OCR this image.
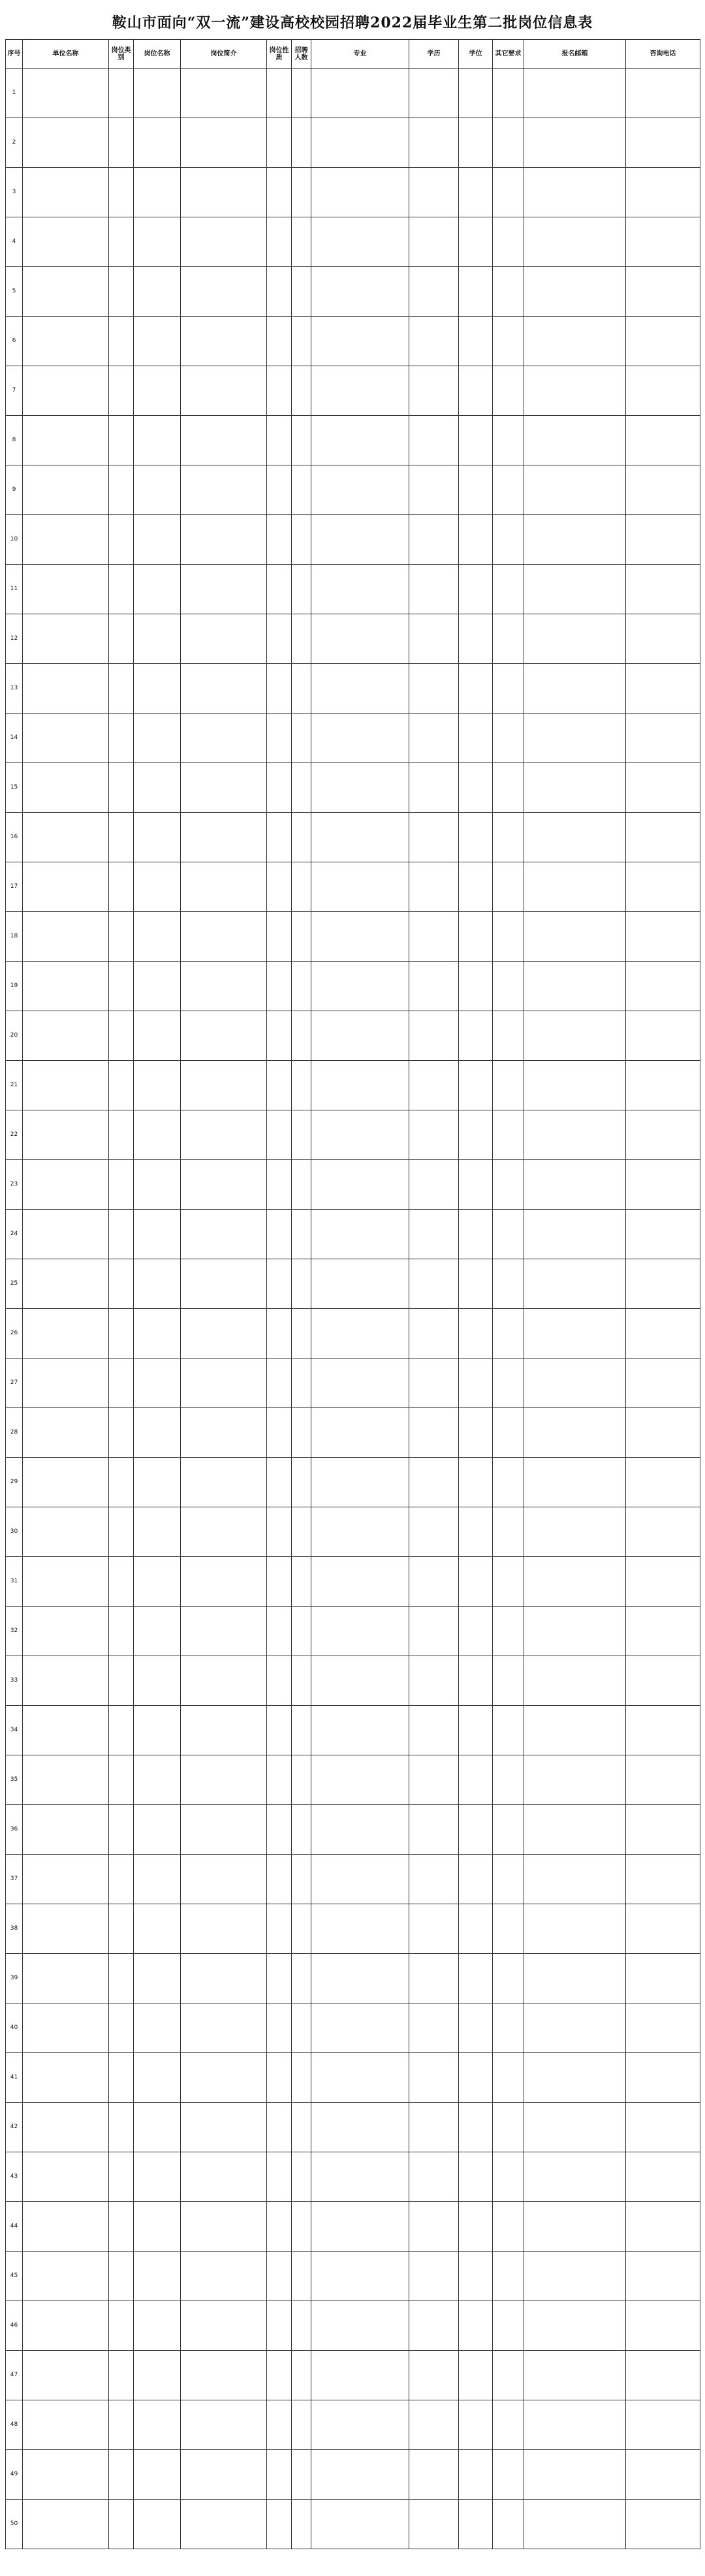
鞍山市面向“双一流”建设高校校园招聘2022届毕业生第二批岗位信息表
序号	单位名称	岗位类别	岗位名称	岗位简介	岗位性质	招聘人数	专业	学历	学位	其它要求	报名邮箱	咨询电话
1												
2												
3												
4												
5												
6												
7												
8												
9												
10												
11												
12												
13												
14												
15												
16												
17												
18												
19												
20												
21												
22												
23												
24												
25												
26												
27												
28												
29												
30												
31												
32												
33												
34												
35												
36												
37												
38												
39												
40												
41												
42												
43												
44												
45												
46												
47												
48												
49												
50												
